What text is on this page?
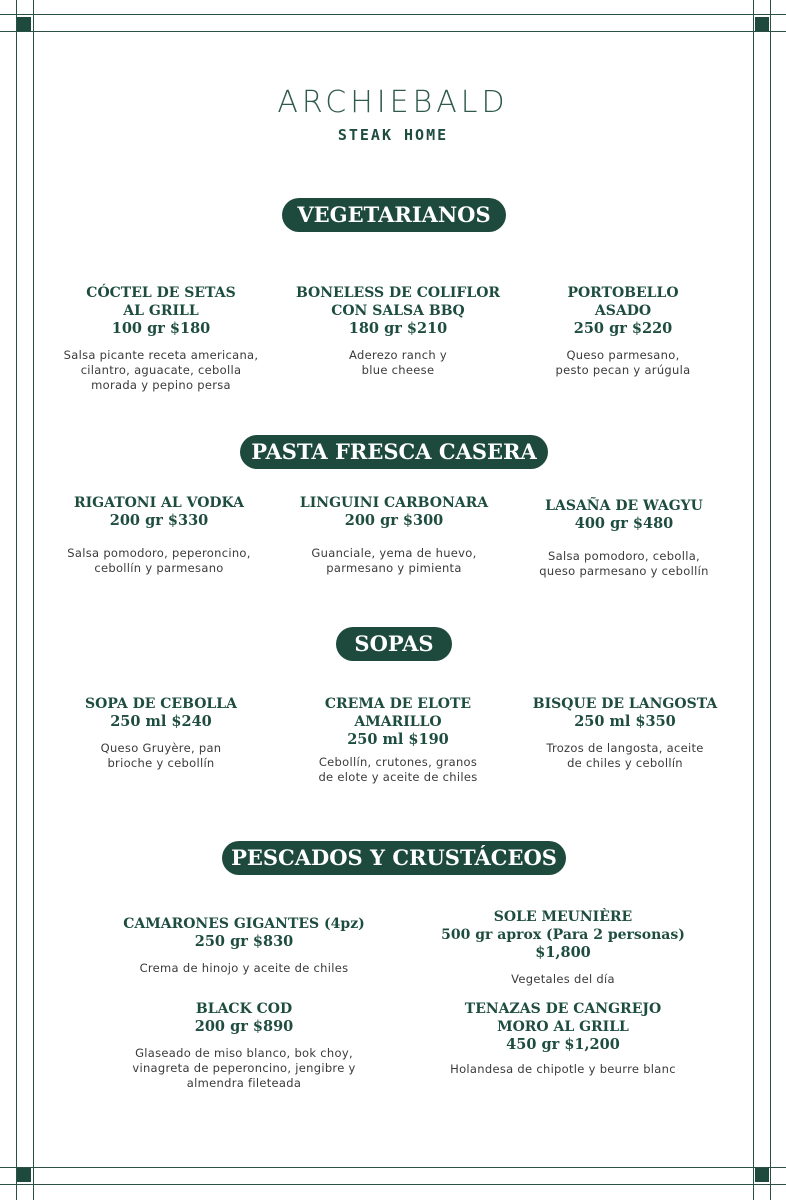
ARCHIEBALD
STEAK HOME
VEGETARIANOS
CÓCTEL DE SETAS
AL GRILL
100 gr $180
Salsa picante receta americana,
cilantro, aguacate, cebolla
morada y pepino persa
BONELESS DE COLIFLOR
CON SALSA BBQ
180 gr $210
Aderezo ranch y
blue cheese
PORTOBELLO
ASADO
250 gr $220
Queso parmesano,
pesto pecan y arúgula
PASTA FRESCA CASERA
RIGATONI AL VODKA
200 gr $330
Salsa pomodoro, peperoncino,
cebollín y parmesano
LINGUINI CARBONARA
200 gr $300
Guanciale, yema de huevo,
parmesano y pimienta
LASAÑA DE WAGYU
400 gr $480
Salsa pomodoro, cebolla,
queso parmesano y cebollín
SOPAS
SOPA DE CEBOLLA
250 ml $240
Queso Gruyère, pan
brioche y cebollín
CREMA DE ELOTE
AMARILLO
250 ml $190
Cebollín, crutones, granos
de elote y aceite de chiles
BISQUE DE LANGOSTA
250 ml $350
Trozos de langosta, aceite
de chiles y cebollín
PESCADOS Y CRUSTÁCEOS
CAMARONES GIGANTES (4pz)
250 gr $830
Crema de hinojo y aceite de chiles
SOLE MEUNIÈRE
500 gr aprox (Para 2 personas)
$1,800
Vegetales del día
BLACK COD
200 gr $890
Glaseado de miso blanco, bok choy,
vinagreta de peperoncino, jengibre y
almendra fileteada
TENAZAS DE CANGREJO
MORO AL GRILL
450 gr $1,200
Holandesa de chipotle y beurre blanc
